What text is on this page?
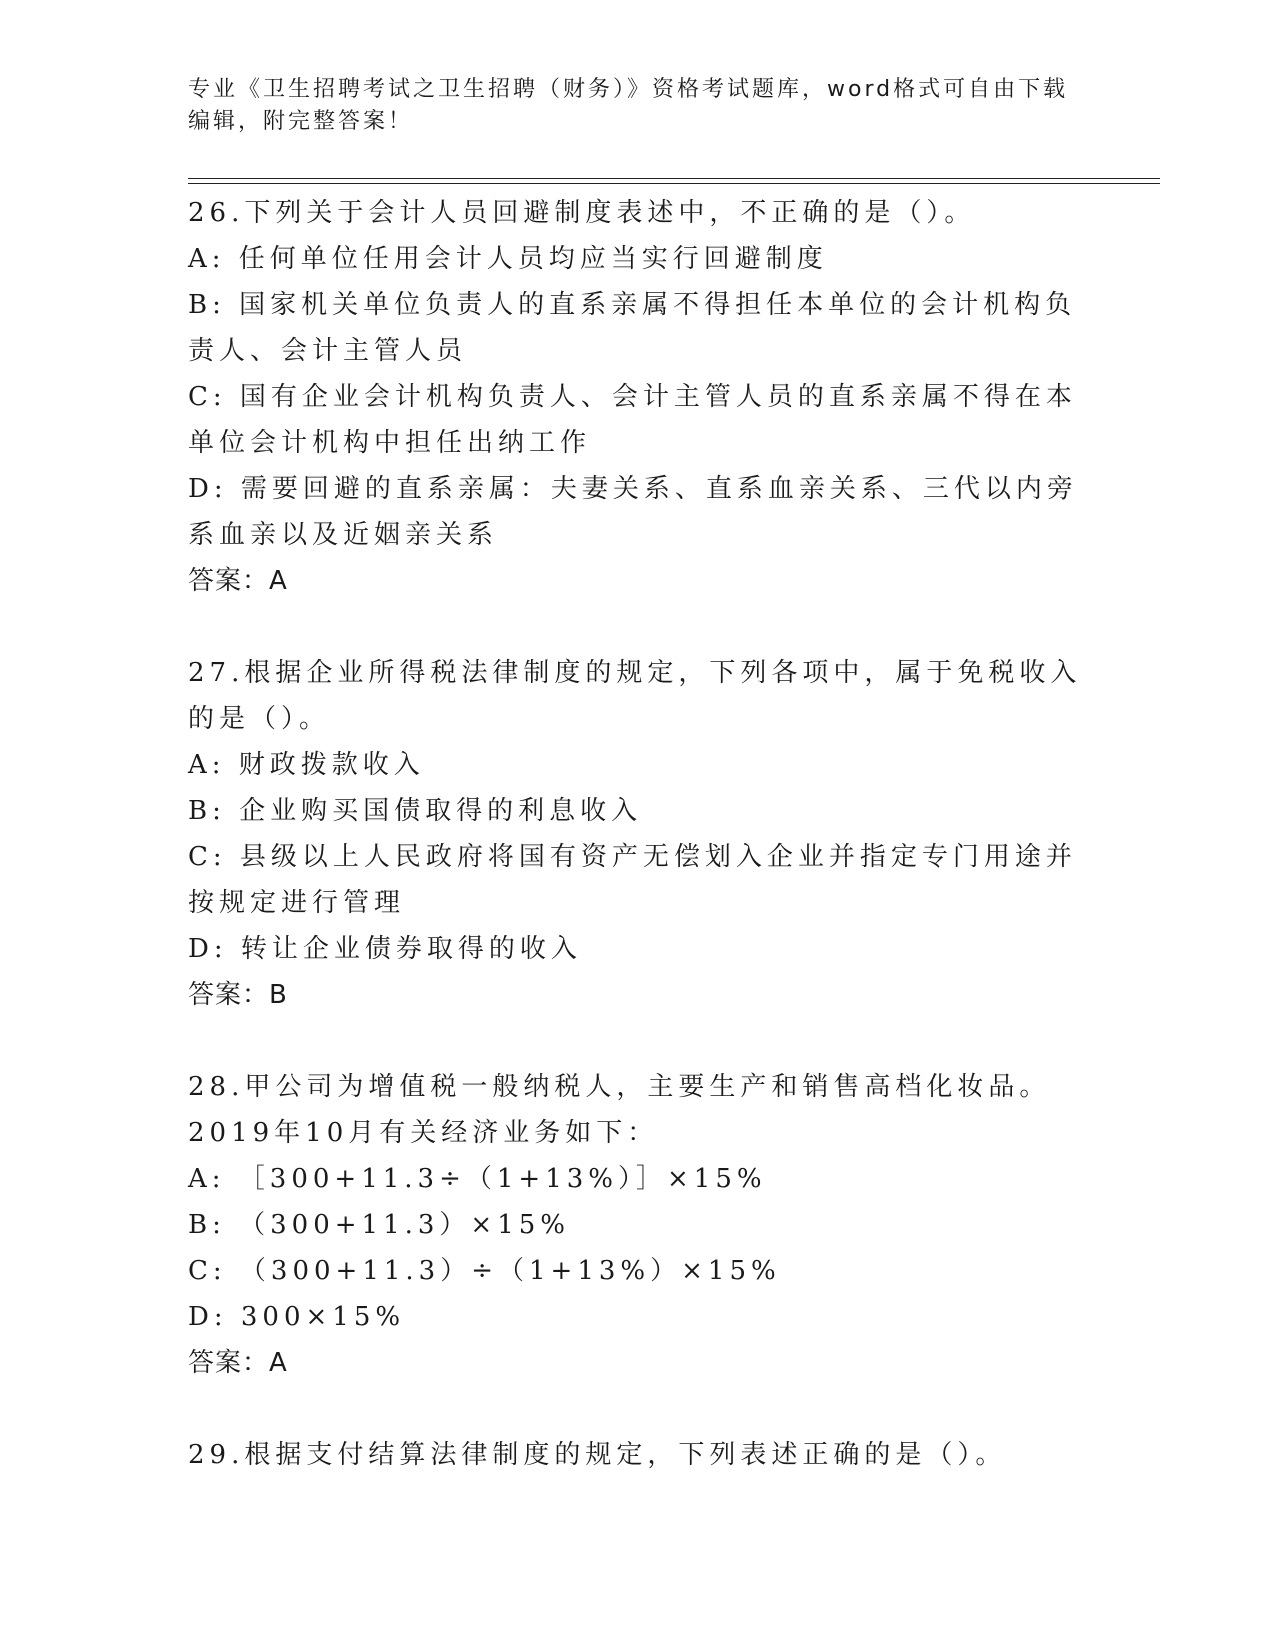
专业《卫生招聘考试之卫生招聘（财务）》资格考试题库，word格式可自由下载编辑，附完整答案！

26.下列关于会计人员回避制度表述中，不正确的是（）。

A: 任何单位任用会计人员均应当实行回避制度

B: 国家机关单位负责人的直系亲属不得担任本单位的会计机构负责人、会计主管人员

C: 国有企业会计机构负责人、会计主管人员的直系亲属不得在本单位会计机构中担任出纳工作

D: 需要回避的直系亲属：夫妻关系、直系血亲关系、三代以内旁系血亲以及近姻亲关系

答案：A

27.根据企业所得税法律制度的规定，下列各项中，属于免税收入的是（）。

A: 财政拨款收入

B: 企业购买国债取得的利息收入

C: 县级以上人民政府将国有资产无偿划入企业并指定专门用途并按规定进行管理

D: 转让企业债券取得的收入

答案：B

28.甲公司为增值税一般纳税人，主要生产和销售高档化妆品。2019年10月有关经济业务如下：

A: ［300+11.3÷（1+13%）］×15%

B: （300+11.3）×15%

C: （300+11.3）÷（1+13%）×15%

D: 300×15%

答案：A

29.根据支付结算法律制度的规定，下列表述正确的是（）。
